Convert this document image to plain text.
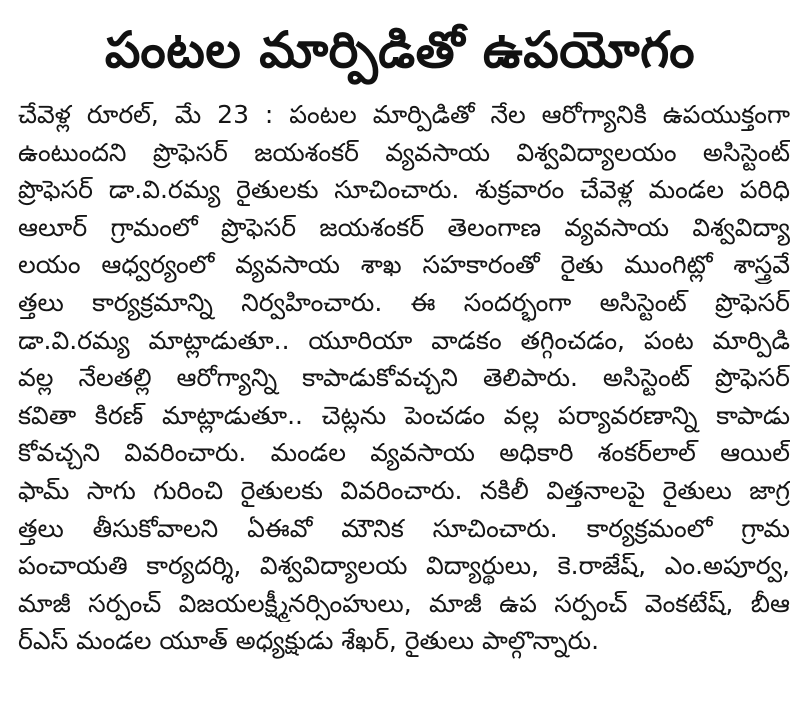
పంటల మార్పిడితో ఉపయోగం
చేవెళ్ల రూరల్, మే 23 : పంటల మార్పిడితో నేల ఆరోగ్యానికి ఉపయుక్తంగా
ఉంటుందని ప్రొఫెసర్ జయశంకర్ వ్యవసాయ విశ్వవిద్యాలయం అసిస్టెంట్
ప్రొఫెసర్ డా.వి.రమ్య రైతులకు సూచించారు. శుక్రవారం చేవెళ్ల మండల పరిధి
ఆలూర్ గ్రామంలో ప్రొఫెసర్ జయశంకర్ తెలంగాణ వ్యవసాయ విశ్వవిద్యా
లయం ఆధ్వర్యంలో వ్యవసాయ శాఖ సహకారంతో రైతు ముంగిట్లో శాస్త్రవే
త్తలు కార్యక్రమాన్ని నిర్వహించారు. ఈ సందర్భంగా అసిస్టెంట్ ప్రొఫెసర్
డా.వి.రమ్య మాట్లాడుతూ.. యూరియా వాడకం తగ్గించడం, పంట మార్పిడి
వల్ల నేలతల్లి ఆరోగ్యాన్ని కాపాడుకోవచ్చని తెలిపారు. అసిస్టెంట్ ప్రొఫెసర్
కవితా కిరణ్ మాట్లాడుతూ.. చెట్లను పెంచడం వల్ల పర్యావరణాన్ని కాపాడు
కోవచ్చని వివరించారు. మండల వ్యవసాయ అధికారి శంకర్‌లాల్ ఆయిల్
ఫామ్ సాగు గురించి రైతులకు వివరించారు. నకిలీ విత్తనాలపై రైతులు జాగ్ర
త్తలు తీసుకోవాలని ఏఈవో మౌనిక సూచించారు. కార్యక్రమంలో గ్రామ
పంచాయతి కార్యదర్శి, విశ్వవిద్యాలయ విద్యార్థులు, కె.రాజేష్, ఎం.అపూర్వ,
మాజీ సర్పంచ్ విజయలక్ష్మీనర్సింహులు, మాజీ ఉప సర్పంచ్ వెంకటేష్, బీఆ
ర్ఎస్ మండల యూత్ అధ్యక్షుడు శేఖర్, రైతులు పాల్గొన్నారు.
